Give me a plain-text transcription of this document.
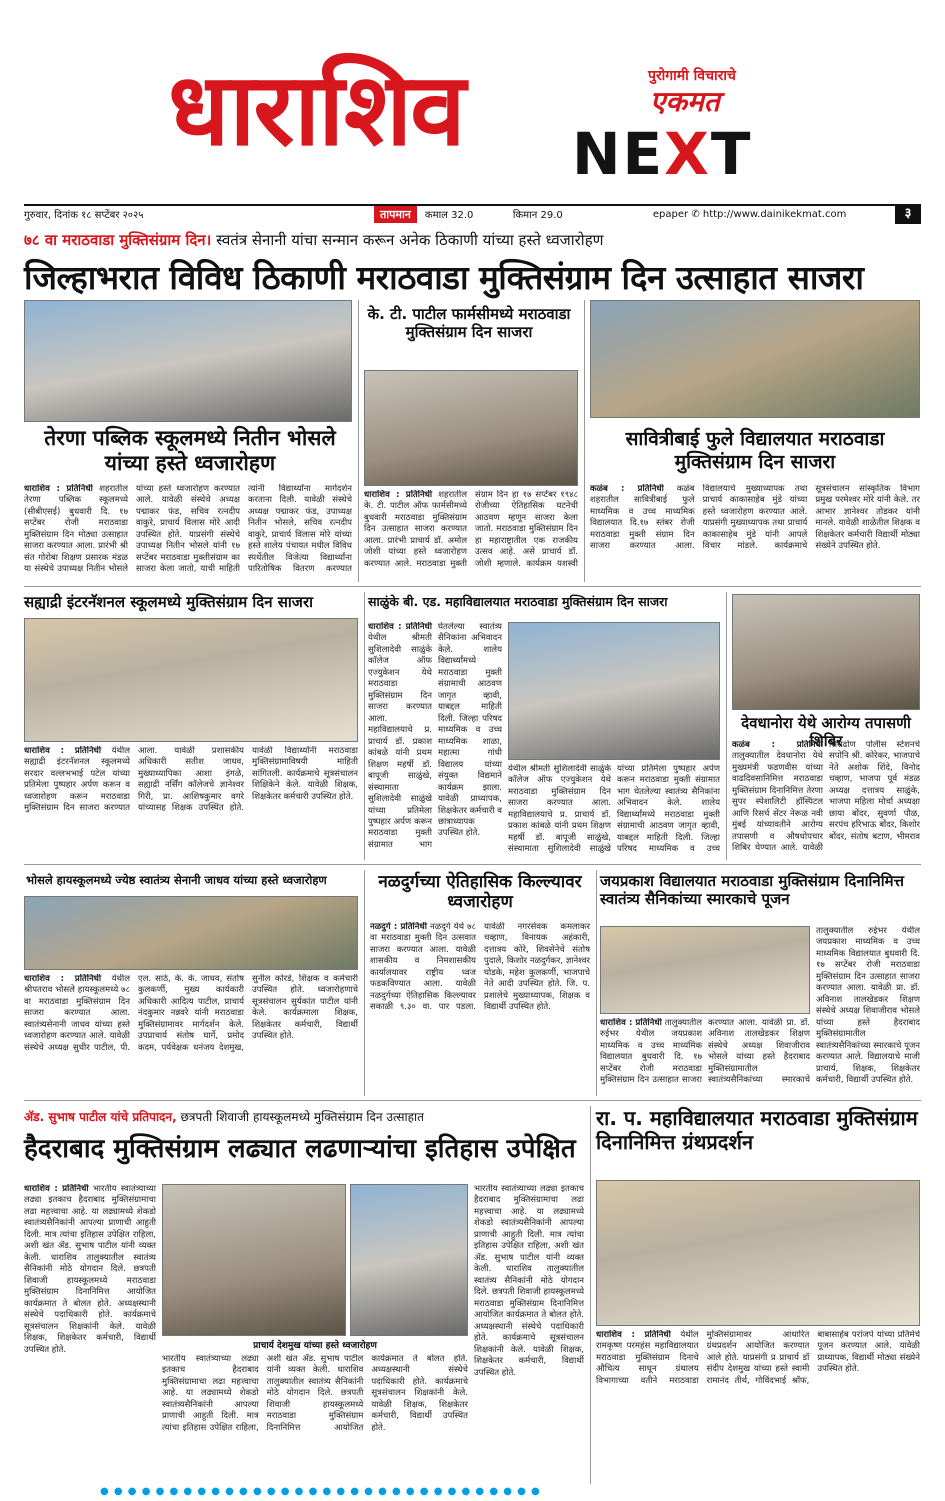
धाराशिव	पुरोगामी विचाराचे
एकमत
NEXT
गुरुवार, दिनांक १८ सप्टेंबर २०२५	तापमान	कमाल 32.0	किमान 29.0	epaper ✆ http://www.dainikekmat.com	३
७८ वा मराठवाडा मुक्तिसंग्राम दिन। स्वतंत्र सेनानी यांचा सन्मान करून अनेक ठिकाणी यांच्या हस्ते ध्वजारोहण
जिल्हाभरात विविध ठिकाणी मराठवाडा मुक्तिसंग्राम दिन उत्साहात साजरा
तेरणा पब्लिक स्कूलमध्ये नितीन भोसले यांच्या हस्ते ध्वजारोहण
धाराशिव : प्रतिनिधी शहरातील तेरणा पब्लिक स्कूलमध्ये (सीबीएसई) बुधवारी दि. १७ सप्टेंबर रोजी मराठवाडा मुक्तिसंग्राम दिन मोठ्या उत्साहात साजरा करण्यात आला. प्रारंभी श्री संत गोरोबा शिक्षण प्रसारक मंडळ या संस्थेचे उपाध्यक्ष नितीन भोसले यांच्या हस्ते ध्वजारोहण करण्यात आले. यावेळी संस्थेचे अध्यक्ष पद्माकर फंड, सचिव रत्नदीप वाकुरे, प्राचार्य विलास मोरे आदी उपस्थित होते. याप्रसंगी संस्थेचे उपाध्यक्ष नितीन भोसले यांनी १७ सप्टेंबर मराठवाडा मुक्तीसंग्राम का साजरा केला जातो, याची माहिती त्यांनी विद्यार्थ्यांना मार्गदर्शन करताना दिली. यावेळी संस्थेचे अध्यक्ष पद्माकर फंड, उपाध्यक्ष नितीन भोसले, सचिव रत्नदीप वाकुरे, प्राचार्य विलास मोरे यांच्या हस्ते शालेय पंचायत मधील विविध स्पर्धेतील विजेत्या विद्यार्थ्यांना पारितोषिक वितरण करण्यात
के. टी. पाटील फार्मसीमध्ये मराठवाडा मुक्तिसंग्राम दिन साजरा
धाराशिव : प्रतिनिधी शहरातील के. टी. पाटील ऑफ फार्मसीमध्ये बुधवारी मराठवाडा मुक्तिसंग्राम दिन उत्साहात साजरा करण्यात आला. प्रारंभी प्राचार्य डॉ. अमोल जोशी यांच्या हस्ते ध्वजारोहण करण्यात आले. मराठवाडा मुक्ती संग्राम दिन हा १७ सप्टेंबर १९४८ रोजीच्या ऐतिहासिक घटनेची आठवण म्हणून साजरा केला जातो. मराठवाडा मुक्तिसंग्राम दिन हा महाराष्ट्रातील एक राजकीय उत्सव आहे. असे प्राचार्य डॉ. जोशी म्हणाले. कार्यक्रम यशस्वी
सावित्रीबाई फुले विद्यालयात मराठवाडा मुक्तिसंग्राम दिन साजरा
कळंब : प्रतिनिधी कळंब शहरातील सावित्रीबाई फुले माध्यमिक व उच्च माध्यमिक विद्यालयात दि.१७ स्तंबर रोजी मराठवाडा मुक्ती संग्राम दिन साजरा करण्यात आला. विद्यालयाचे मुख्याध्यापक तथा प्राचार्य काकासाहेब मुंडे यांच्या हस्ते ध्वजारोहण करण्यात आले. याप्रसंगी मुख्याध्यापक तथा प्राचार्य काकासाहेब मुंडे यांनी आपले विचार मांडले. कार्यक्रमाचे सूत्रसंचालन सांस्कृतिक विभाग प्रमुख परमेश्वर मोरे यांनी केले. तर आभार ज्ञानेश्वर तोडकर यांनी मानले. यावेळी शाळेतील शिक्षक व शिक्षकेतर कर्मचारी विद्यार्थी मोठ्या संख्येने उपस्थित होते.
सह्याद्री इंटरनॅशनल स्कूलमध्ये मुक्तिसंग्राम दिन साजरा
धाराशिव : प्रतिनिधी येथील सह्याद्री इंटरनॅशनल स्कूलमध्ये सरदार वल्लभभाई पटेल यांच्या प्रतिमेला पुष्पहार अर्पण करून व ध्वजारोहण करून मराठवाडा मुक्तिसंग्राम दिन साजरा करण्यात आला. यावेळी प्रशासकीय अधिकारी सतीश जाधव, मुख्याध्यापिका आशा इंगळे, सह्याद्री नर्सिंग कॉलेजचे ज्ञानेश्वर गिरी, प्रा. आशिषकुमार वगरे यांच्यासह शिक्षक उपस्थित होते. यावेळी विद्यार्थ्यांनी मराठवाडा मुक्तिसंग्रामाविषयी माहिती सांगितली. कार्यक्रमाचे सूत्रसंचालन शिक्षिकेने केले. यावेळी शिक्षक, शिक्षकेतर कर्मचारी उपस्थित होते.
साळुंके बी. एड. महाविद्यालयात मराठवाडा मुक्तिसंग्राम दिन साजरा
धाराशिव : प्रतिनिधी येथील श्रीमती सुशिलादेवी साळुंके कॉलेज ऑफ एज्युकेशन येथे मराठवाडा मुक्तिसंग्राम दिन साजरा करण्यात आला. महाविद्यालयाचे प्र. प्राचार्य डॉ. प्रकाश कांबळे यांनी प्रथम शिक्षण महर्षी डॉ. बापूजी साळुंखे, संस्थामाता सुशिलादेवी साळुंखे यांच्या प्रतिमेला पुष्पहार अर्पण करून मराठवाडा मुक्ती संग्रामात भाग घेतलेल्या स्वातंत्र्य सैनिकांना अभिवादन केले. शालेय विद्यार्थ्यांमध्ये मराठवाडा मुक्ती संग्रामाची आठवण जागृत व्हावी, याबद्दल माहिती दिली. जिल्हा परिषद माध्यमिक व उच्च माध्यमिक शाळा, महात्मा गांधी विद्यालय यांच्या संयुक्त विद्यमाने कार्यक्रम झाला. यावेळी प्राध्यापक, शिक्षकेतर कर्मचारी व छात्राध्यापक उपस्थित होते.
येथील श्रीमती सुशिलादेवी साळुंके कॉलेज ऑफ एज्युकेशन येथे मराठवाडा मुक्तिसंग्राम दिन साजरा करण्यात आला. महाविद्यालयाचे प्र. प्राचार्य डॉ. प्रकाश कांबळे यांनी प्रथम शिक्षण महर्षी डॉ. बापूजी साळुंखे, संस्थामाता सुशिलादेवी साळुंखे यांच्या प्रतिमेला पुष्पहार अर्पण करून मराठवाडा मुक्ती संग्रामात भाग घेतलेल्या स्वातंत्र्य सैनिकांना अभिवादन केले. शालेय विद्यार्थ्यांमध्ये मराठवाडा मुक्ती संग्रामाची आठवण जागृत व्हावी, याबद्दल माहिती दिली. जिल्हा परिषद माध्यमिक व उच्च
देवधानोरा येथे आरोग्य तपासणी शिबिर
कळंब : प्रतिनिधी तालुक्यातील देवधानोरा येथे मुख्यमंत्री फडणवीस यांच्या वाढदिवसानिमित्त मराठवाडा मुक्तिसंग्राम दिनानिमित्त तेरणा सुपर स्पेशालिटी हॉस्पिटल आणि रिसर्च सेंटर नेरूळ नवी मुंबई यांच्यावतीने आरोग्य तपासणी व औषधोपचार शिबिर घेण्यात आले. यावेळी सिराढोण पोलीस स्टेशनचे सपोनि श्री. कोरेकर, भाजपाचे नेते अशोक शिंदे, विनोद चव्हाण, भाजपा पूर्व मंडळ अध्यक्ष दत्तात्रय साळुंके, भाजपा महिला मोर्चा अध्यक्षा छाया बोंदर, सुवर्णा पौळ, सरपंच हरिभाऊ बोंदर, किशोर बोंदर, संतोष बटाण, भीमराव
भोसले हायस्कूलमध्ये ज्येष्ठ स्वातंत्र्य सेनानी जाधव यांच्या हस्ते ध्वजारोहण
धाराशिव : प्रतिनिधी येथील श्रीपतराव भोसले हायस्कूलमध्ये ७८ वा मराठवाडा मुक्तिसंग्राम दिन साजरा करण्यात आला. स्वातंत्र्यसेनानी जाधव यांच्या हस्ते ध्वजारोहण करण्यात आले. यावेळी संस्थेचे अध्यक्ष सुधीर पाटील, पी. एल. साठे, के. के. जाधव, संतोष कुलकर्णी, मुख्य कार्यकारी अधिकारी आदित्य पाटील, प्राचार्य नंदकुमार नन्नवरे यांनी मराठवाडा मुक्तिसंग्रामावर मार्गदर्शन केले. उपप्राचार्य संतोष घार्गे, प्रमोद कदम, पर्यवेक्षक धनंजय देशमुख, सुनील कोरडे, शिक्षक व कर्मचारी उपस्थित होते. ध्वजारोहणाचे सूत्रसंचालन सुर्यकांत पाटील यांनी केले. कार्यक्रमाला शिक्षक, शिक्षकेतर कर्मचारी, विद्यार्थी उपस्थित होते.
नळदुर्गच्या ऐतिहासिक किल्ल्यावर ध्वजारोहण
नळदुर्ग : प्रतिनिधी नळदुर्ग येथे ७८ वा मराठवाडा मुक्ती दिन उत्सवात साजरा करण्यात आला. यावेळी शासकीय व निमशासकीय कार्यालयावर राष्ट्रीय ध्वज फडकविण्यात आला. यावेळी नळदुर्गच्या ऐतिहासिक किल्ल्यावर सकाळी ९.३० वा. पार पडला. यावेळी नगरसेवक कमलाकर चव्हाण, विनायक अहंकारी, दत्तात्रय कोरे, शिवसेनेचे संतोष पुदाले, किशोर नळदुर्गकर, ज्ञानेश्वर घोडके, महेश कुलकर्णी, भाजपाचे नेते आदी उपस्थित होते. जि. प. प्रशालेचे मुख्याध्यापक, शिक्षक व विद्यार्थी उपस्थित होते.
जयप्रकाश विद्यालयात मराठवाडा मुक्तिसंग्राम दिनानिमित्त स्वातंत्र्य सैनिकांच्या स्मारकाचे पूजन
धाराशिव : प्रतिनिधी तालुक्यातील रुईभर येथील जयप्रकाश माध्यमिक व उच्च माध्यमिक विद्यालयात बुधवारी दि. १७ सप्टेंबर रोजी मराठवाडा मुक्तिसंग्राम दिन उत्साहात साजरा करण्यात आला. यावेळी प्रा. डॉ. अविनाश तालखेडकर शिक्षण संस्थेचे अध्यक्ष शिवाजीराव भोसले यांच्या हस्ते हैदराबाद मुक्तिसंग्रामातील स्वातंत्र्यसैनिकांच्या स्मारकाचे
तालुक्यातील रुईभर येथील जयप्रकाश माध्यमिक व उच्च माध्यमिक विद्यालयात बुधवारी दि. १७ सप्टेंबर रोजी मराठवाडा मुक्तिसंग्राम दिन उत्साहात साजरा करण्यात आला. यावेळी प्रा. डॉ. अविनाश तालखेडकर शिक्षण संस्थेचे अध्यक्ष शिवाजीराव भोसले यांच्या हस्ते हैदराबाद मुक्तिसंग्रामातील स्वातंत्र्यसैनिकांच्या स्मारकाचे पूजन करण्यात आले. विद्यालयाचे माजी प्राचार्य, शिक्षक, शिक्षकेतर कर्मचारी, विद्यार्थी उपस्थित होते.
ॲड. सुभाष पाटील यांचे प्रतिपादन, छत्रपती शिवाजी हायस्कूलमध्ये मुक्तिसंग्राम दिन उत्साहात
हैदराबाद मुक्तिसंग्राम लढ्यात लढणाऱ्यांचा इतिहास उपेक्षित
धाराशिव : प्रतिनिधी भारतीय स्वातंत्र्याच्या लढ्या इतकाच हैदराबाद मुक्तिसंग्रामाचा लढा महत्त्वाचा आहे. या लढ्यामध्ये शेकडो स्वातंत्र्यसैनिकांनी आपल्या प्राणाची आहुती दिली. मात्र त्यांचा इतिहास उपेक्षित राहिला, अशी खंत ॲड. सुभाष पाटील यांनी व्यक्त केली. धाराशिव तालुक्यातील स्वातंत्र्य सैनिकांनी मोठे योगदान दिले. छत्रपती शिवाजी हायस्कूलमध्ये मराठवाडा मुक्तिसंग्राम दिनानिमित्त आयोजित कार्यक्रमात ते बोलत होते. अध्यक्षस्थानी संस्थेचे पदाधिकारी होते. कार्यक्रमाचे सूत्रसंचालन शिक्षकांनी केले. यावेळी शिक्षक, शिक्षकेतर कर्मचारी, विद्यार्थी उपस्थित होते.	प्राचार्य देशमुख यांच्या हस्ते ध्वजारोहण
भारतीय स्वातंत्र्याच्या लढ्या इतकाच हैदराबाद मुक्तिसंग्रामाचा लढा महत्त्वाचा आहे. या लढ्यामध्ये शेकडो स्वातंत्र्यसैनिकांनी आपल्या प्राणाची आहुती दिली. मात्र त्यांचा इतिहास उपेक्षित राहिला, अशी खंत ॲड. सुभाष पाटील यांनी व्यक्त केली. धाराशिव तालुक्यातील स्वातंत्र्य सैनिकांनी मोठे योगदान दिले. छत्रपती शिवाजी हायस्कूलमध्ये मराठवाडा मुक्तिसंग्राम दिनानिमित्त आयोजित कार्यक्रमात ते बोलत होते. अध्यक्षस्थानी संस्थेचे पदाधिकारी होते. कार्यक्रमाचे सूत्रसंचालन शिक्षकांनी केले. यावेळी शिक्षक, शिक्षकेतर कर्मचारी, विद्यार्थी उपस्थित होते.
भारतीय स्वातंत्र्याच्या लढ्या इतकाच हैदराबाद मुक्तिसंग्रामाचा लढा महत्त्वाचा आहे. या लढ्यामध्ये शेकडो स्वातंत्र्यसैनिकांनी आपल्या प्राणाची आहुती दिली. मात्र त्यांचा इतिहास उपेक्षित राहिला, अशी खंत ॲड. सुभाष पाटील यांनी व्यक्त केली. धाराशिव तालुक्यातील स्वातंत्र्य सैनिकांनी मोठे योगदान दिले. छत्रपती शिवाजी हायस्कूलमध्ये मराठवाडा मुक्तिसंग्राम दिनानिमित्त आयोजित कार्यक्रमात ते बोलत होते. अध्यक्षस्थानी संस्थेचे पदाधिकारी होते. कार्यक्रमाचे सूत्रसंचालन शिक्षकांनी केले. यावेळी शिक्षक, शिक्षकेतर कर्मचारी, विद्यार्थी उपस्थित होते.
रा. प. महाविद्यालयात मराठवाडा मुक्तिसंग्राम दिनानिमित्त ग्रंथप्रदर्शन
धाराशिव : प्रतिनिधी येथील रामकृष्ण परमहंस महाविद्यालयात मराठवाडा मुक्तिसंग्राम दिनाचे औचित्य साधून ग्रंथालय विभागाच्या वतीने मराठवाडा मुक्तिसंग्रामावर आधारित ग्रंथप्रदर्शन आयोजित करण्यात आले होते. याप्रसंगी प्र प्राचार्य डॉ संदीप देशमुख यांच्या हस्ते स्वामी रामानंद तीर्थ, गोविंदभाई श्रॉफ, बाबासाहेब परांजपे यांच्या प्रतिमेचे पूजन करण्यात आले. यावेळी प्राध्यापक, विद्यार्थी मोठ्या संख्येने उपस्थित होते.
● ● ● ● ● ● ● ● ● ● ● ● ● ● ● ● ● ● ● ● ● ● ● ● ● ● ● ● ● ● ● ●
